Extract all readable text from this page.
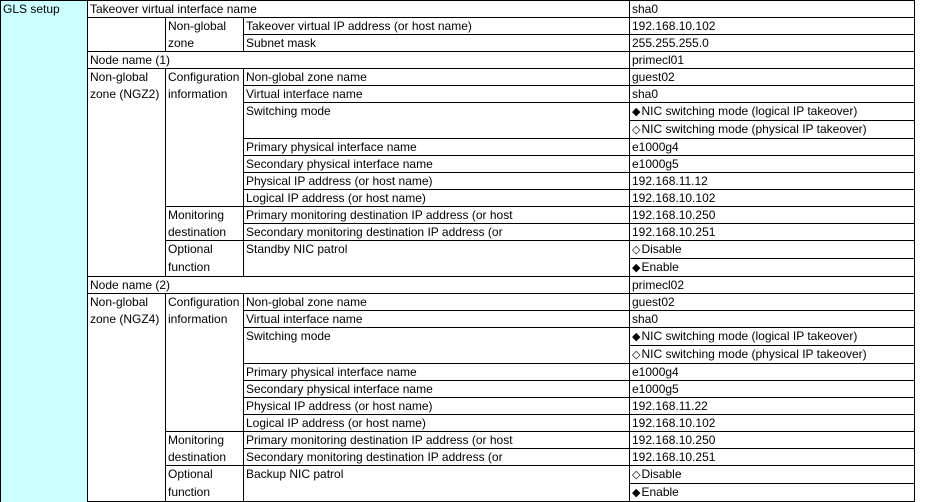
GLS setup	Takeover virtual interface name			sha0
		Non-global	Takeover virtual IP address (or host name)	192.168.10.102
		zone	Subnet mask	255.255.255.0
	Node name (1)			primecl01
	Non-global	Configuration	Non-global zone name	guest02
	zone (NGZ2)	information	Virtual interface name	sha0
			Switching mode	◆NIC switching mode (logical IP takeover)
				◇NIC switching mode (physical IP takeover)
			Primary physical interface name	e1000g4
			Secondary physical interface name	e1000g5
			Physical IP address (or host name)	192.168.11.12
			Logical IP address (or host name)	192.168.10.102
		Monitoring	Primary monitoring destination IP address (or host	192.168.10.250
		destination	Secondary monitoring destination IP address (or	192.168.10.251
		Optional	Standby NIC patrol	◇Disable
		function		◆Enable
	Node name (2)			primecl02
	Non-global	Configuration	Non-global zone name	guest02
	zone (NGZ4)	information	Virtual interface name	sha0
			Switching mode	◆NIC switching mode (logical IP takeover)
				◇NIC switching mode (physical IP takeover)
			Primary physical interface name	e1000g4
			Secondary physical interface name	e1000g5
			Physical IP address (or host name)	192.168.11.22
			Logical IP address (or host name)	192.168.10.102
		Monitoring	Primary monitoring destination IP address (or host	192.168.10.250
		destination	Secondary monitoring destination IP address (or	192.168.10.251
		Optional	Backup NIC patrol	◇Disable
		function		◆Enable
